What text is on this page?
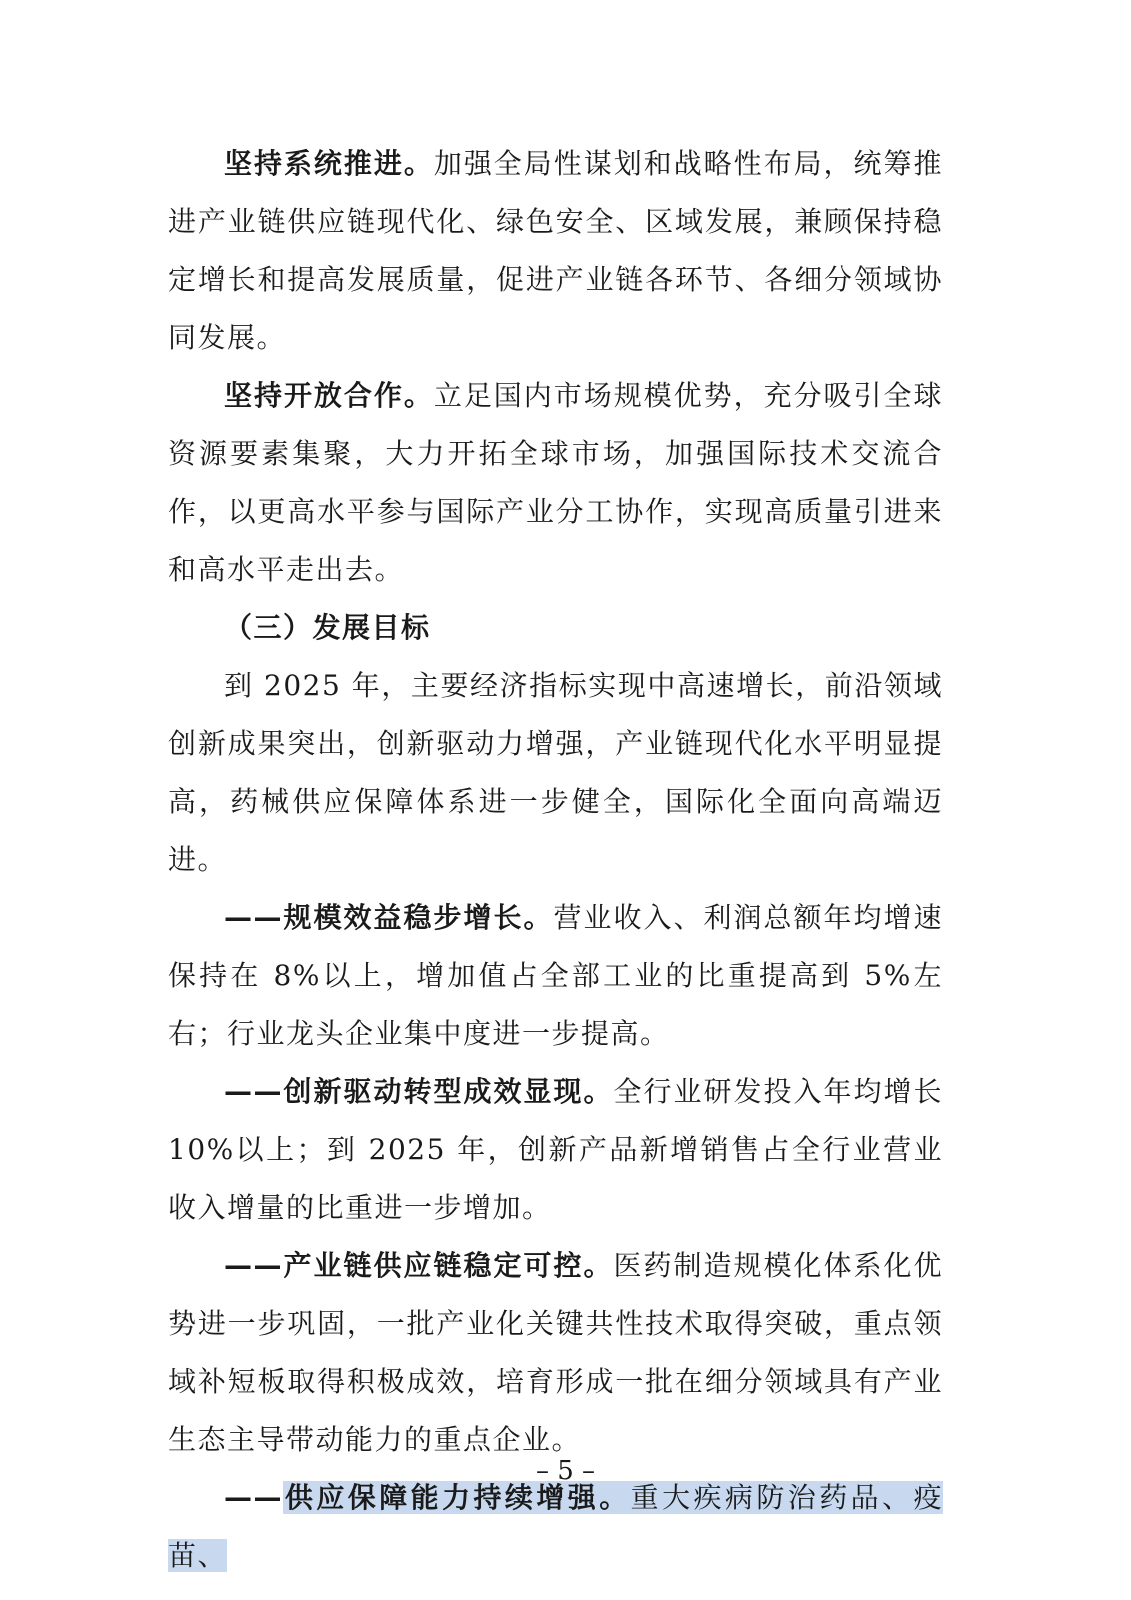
坚持系统推进。加强全局性谋划和战略性布局，统筹推进产业链供应链现代化、绿色安全、区域发展，兼顾保持稳定增长和提高发展质量，促进产业链各环节、各细分领域协同发展。

坚持开放合作。立足国内市场规模优势，充分吸引全球资源要素集聚，大力开拓全球市场，加强国际技术交流合作，以更高水平参与国际产业分工协作，实现高质量引进来和高水平走出去。

（三）发展目标

到 2025 年，主要经济指标实现中高速增长，前沿领域创新成果突出，创新驱动力增强，产业链现代化水平明显提高，药械供应保障体系进一步健全，国际化全面向高端迈进。

——规模效益稳步增长。营业收入、利润总额年均增速保持在 8%以上，增加值占全部工业的比重提高到 5%左右；行业龙头企业集中度进一步提高。

——创新驱动转型成效显现。全行业研发投入年均增长 10%以上；到 2025 年，创新产品新增销售占全行业营业收入增量的比重进一步增加。

——产业链供应链稳定可控。医药制造规模化体系化优势进一步巩固，一批产业化关键共性技术取得突破，重点领域补短板取得积极成效，培育形成一批在细分领域具有产业生态主导带动能力的重点企业。

——供应保障能力持续增强。重大疾病防治药品、疫苗、

– 5 –
